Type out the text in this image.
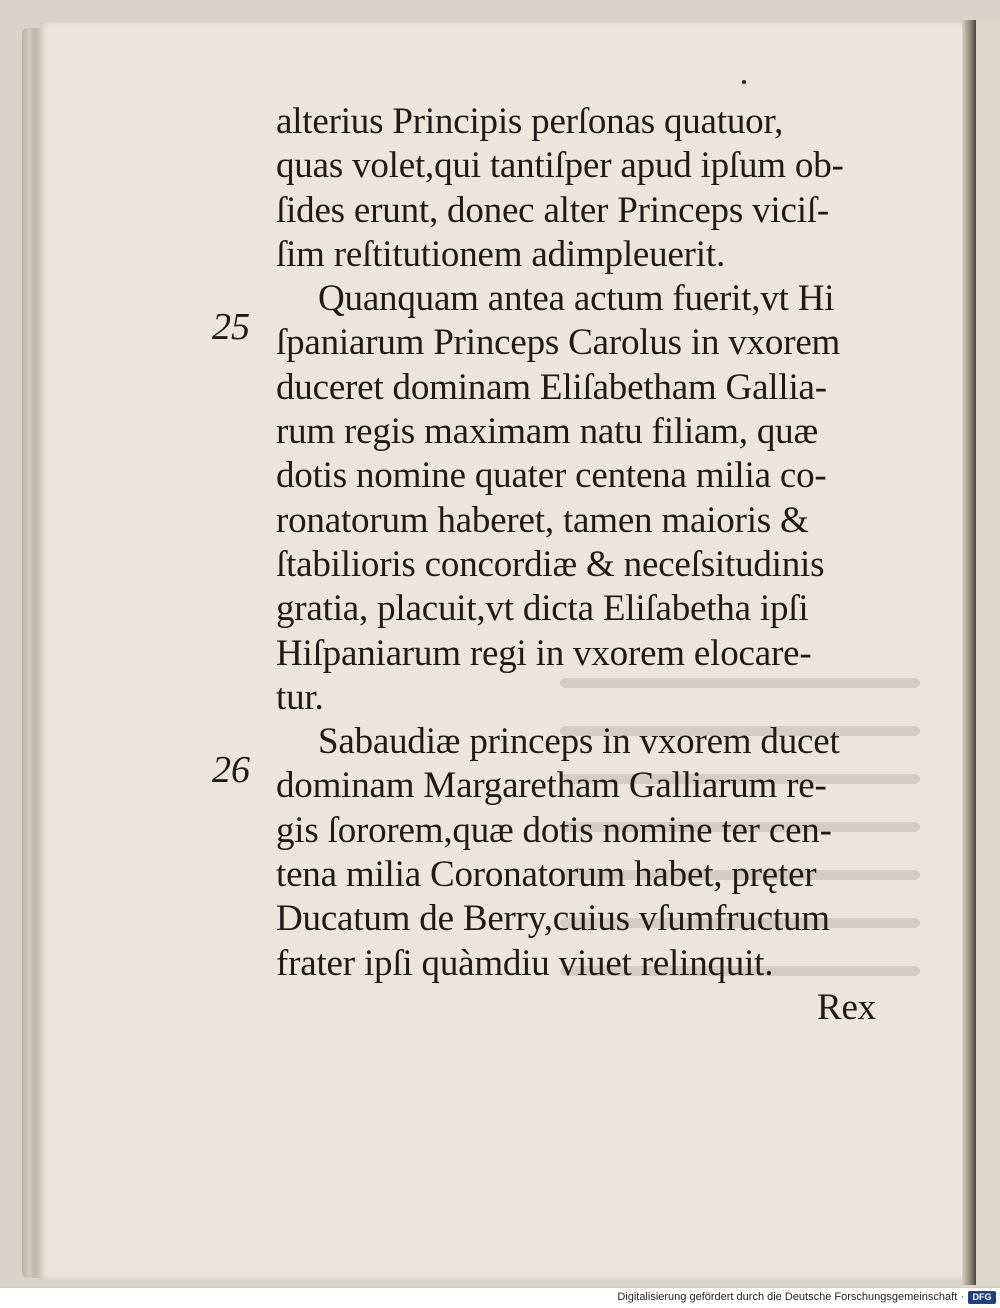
25
26
alterius Principis perſonas quatuor,
quas volet,qui tantiſper apud ipſum ob-
ſides erunt, donec alter Princeps viciſ-
ſim reſtitutionem adimpleuerit.
Quanquam antea actum fuerit,vt Hi
ſpaniarum Princeps Carolus in vxorem
duceret dominam Eliſabetham Gallia-
rum regis maximam natu filiam, quæ
dotis nomine quater centena milia co-
ronatorum haberet, tamen maioris &
ſtabilioris concordiæ & neceſsitudinis
gratia, placuit,vt dicta Eliſabetha ipſi
Hiſpaniarum regi in vxorem elocare-
tur.
Sabaudiæ princeps in vxorem ducet
dominam Margaretham Galliarum re-
gis ſororem,quæ dotis nomine ter cen-
tena milia Coronatorum habet, pręter
Ducatum de Berry,cuius vſumfructum
frater ipſi quàmdiu viuet relinquit.
Rex
Digitalisierung gefördert durch die Deutsche Forschungsgemeinschaft · DFG
